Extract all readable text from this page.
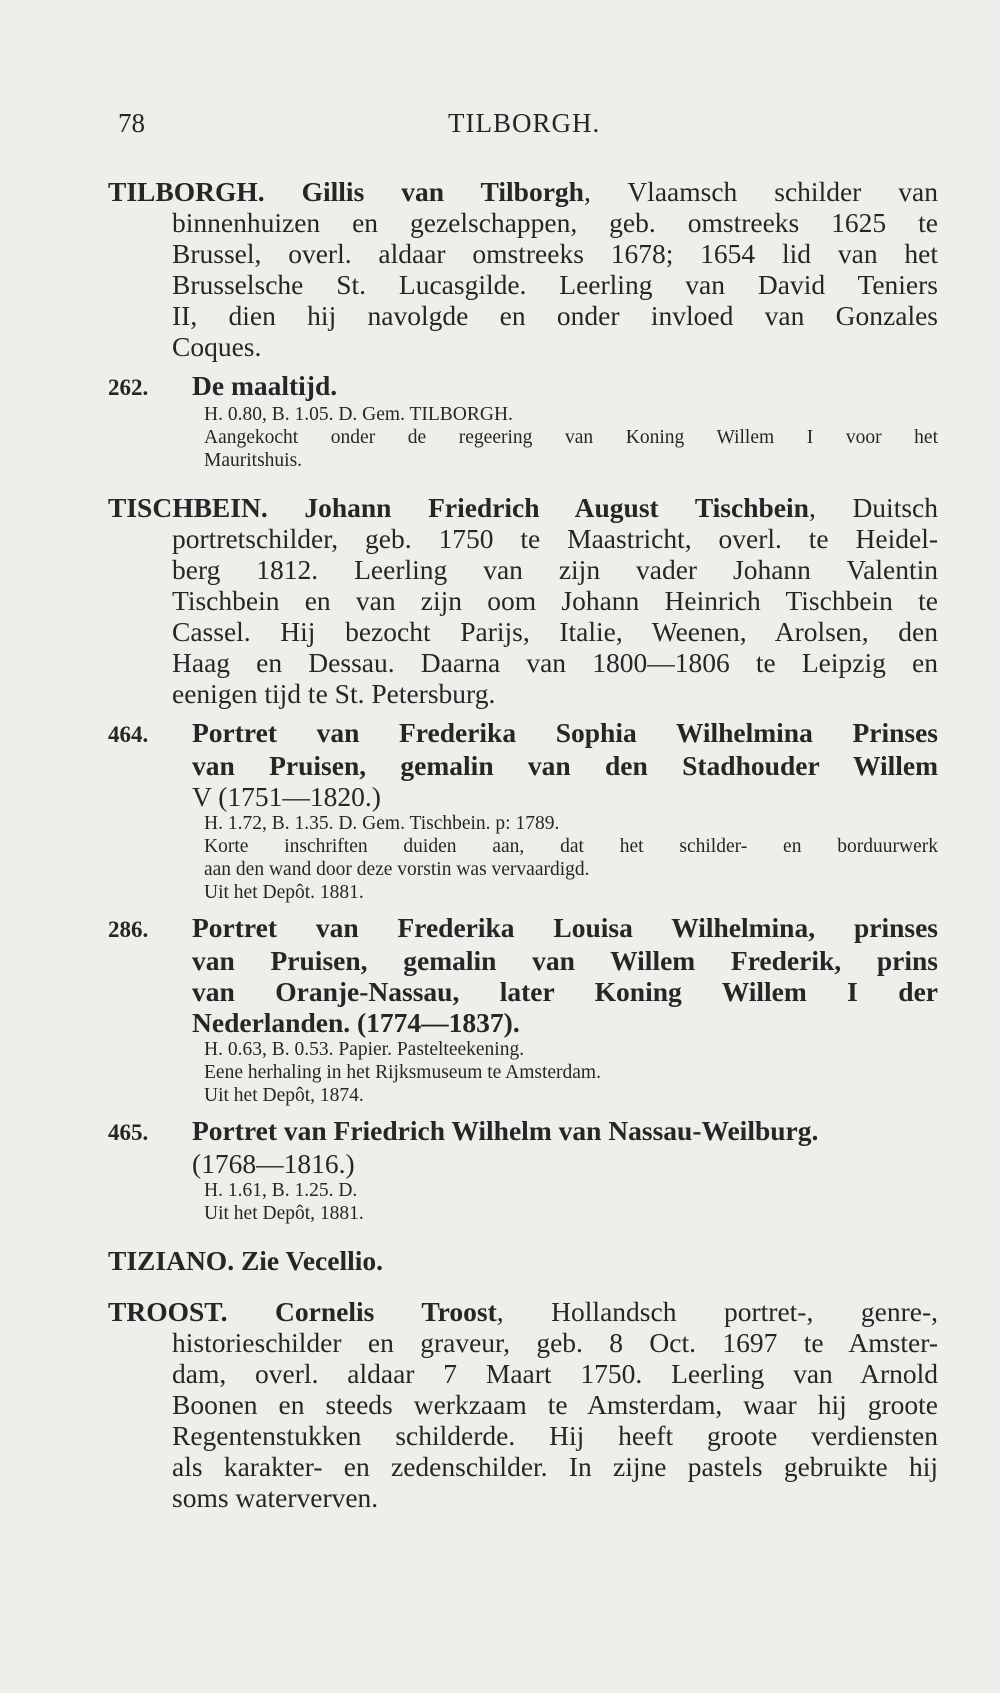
78	TILBORGH.
TILBORGH. Gillis van Tilborgh, Vlaamsch schilder van
binnenhuizen en gezelschappen, geb. omstreeks 1625 te
Brussel, overl. aldaar omstreeks 1678; 1654 lid van het
Brusselsche St. Lucasgilde. Leerling van David Teniers
II, dien hij navolgde en onder invloed van Gonzales
Coques.
262. De maaltijd.
H. 0.80, B. 1.05. D. Gem. TILBORGH.
Aangekocht onder de regeering van Koning Willem I voor het
Mauritshuis.
TISCHBEIN. Johann Friedrich August Tischbein, Duitsch
portretschilder, geb. 1750 te Maastricht, overl. te Heidel-
berg 1812. Leerling van zijn vader Johann Valentin
Tischbein en van zijn oom Johann Heinrich Tischbein te
Cassel. Hij bezocht Parijs, Italie, Weenen, Arolsen, den
Haag en Dessau. Daarna van 1800—1806 te Leipzig en
eenigen tijd te St. Petersburg.
464. Portret van Frederika Sophia Wilhelmina Prinses
van Pruisen, gemalin van den Stadhouder Willem
V (1751—1820.)
H. 1.72, B. 1.35. D. Gem. Tischbein. p: 1789.
Korte inschriften duiden aan, dat het schilder- en borduurwerk
aan den wand door deze vorstin was vervaardigd.
Uit het Depôt. 1881.
286. Portret van Frederika Louisa Wilhelmina, prinses
van Pruisen, gemalin van Willem Frederik, prins
van Oranje-Nassau, later Koning Willem I der
Nederlanden. (1774—1837).
H. 0.63, B. 0.53. Papier. Pastelteekening.
Eene herhaling in het Rijksmuseum te Amsterdam.
Uit het Depôt, 1874.
465. Portret van Friedrich Wilhelm van Nassau-Weilburg.
(1768—1816.)
H. 1.61, B. 1.25. D.
Uit het Depôt, 1881.
TIZIANO. Zie Vecellio.
TROOST. Cornelis Troost, Hollandsch portret-, genre-,
historieschilder en graveur, geb. 8 Oct. 1697 te Amster-
dam, overl. aldaar 7 Maart 1750. Leerling van Arnold
Boonen en steeds werkzaam te Amsterdam, waar hij groote
Regentenstukken schilderde. Hij heeft groote verdiensten
als karakter- en zedenschilder. In zijne pastels gebruikte hij
soms waterverven.
